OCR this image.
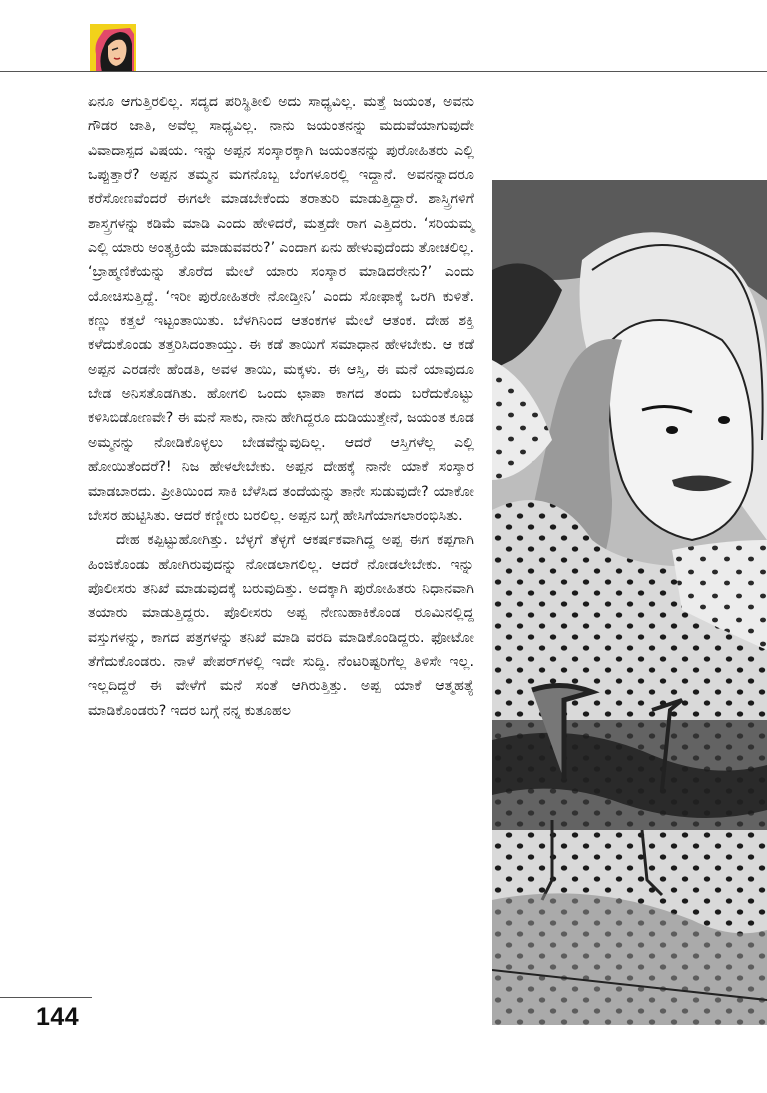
ಏನೂ ಆಗುತ್ತಿರಲಿಲ್ಲ. ಸದ್ಯದ ಪರಿಸ್ಥಿತೀಲಿ ಅದು ಸಾಧ್ಯವಿಲ್ಲ. ಮತ್ತೆ ಜಯಂತ, ಅವನು ಗೌಡರ ಜಾತಿ, ಅವೆಲ್ಲ ಸಾಧ್ಯವಿಲ್ಲ. ನಾನು ಜಯಂತನನ್ನು ಮದುವೆಯಾಗುವುದೇ ವಿವಾದಾಸ್ಪದ ವಿಷಯ. ಇನ್ನು ಅಪ್ಪನ ಸಂಸ್ಕಾರಕ್ಕಾಗಿ ಜಯಂತನನ್ನು ಪುರೋಹಿತರು ಎಲ್ಲಿ ಒಪ್ಪುತ್ತಾರೆ? ಅಪ್ಪನ ತಮ್ಮನ ಮಗನೊಬ್ಬ ಬೆಂಗಳೂರಲ್ಲಿ ಇದ್ದಾನೆ. ಅವನನ್ನಾದರೂ ಕರೆಸೋಣವೆಂದರೆ ಈಗಲೇ ಮಾಡಬೇಕೆಂದು ತರಾತುರಿ ಮಾಡುತ್ತಿದ್ದಾರೆ. ಶಾಸ್ತ್ರಿಗಳಿಗೆ ಶಾಸ್ತ್ರಗಳನ್ನು ಕಡಿಮೆ ಮಾಡಿ ಎಂದು ಹೇಳಿದರೆ, ಮತ್ತದೇ ರಾಗ ಎತ್ತಿದರು. ‘ಸರಿಯಮ್ಮ ಎಲ್ಲಿ ಯಾರು ಅಂತ್ಯಕ್ರಿಯೆ ಮಾಡುವವರು?’ ಎಂದಾಗ ಏನು ಹೇಳುವುದೆಂದು ತೋಚಲಿಲ್ಲ. ‘ಬ್ರಾಹ್ಮಣಿಕೆಯನ್ನು ತೊರೆದ ಮೇಲೆ ಯಾರು ಸಂಸ್ಕಾರ ಮಾಡಿದರೇನು?’ ಎಂದು ಯೋಚಿಸುತ್ತಿದ್ದೆ. ‘ಇರೀ ಪುರೋಹಿತರೇ ನೋಡ್ತೀನಿ’ ಎಂದು ಸೋಫಾಕ್ಕೆ ಒರಗಿ ಕುಳಿತೆ. ಕಣ್ಣು ಕತ್ತಲೆ ಇಟ್ಟಂತಾಯಿತು. ಬೆಳಗಿನಿಂದ ಆತಂಕಗಳ ಮೇಲೆ ಆತಂಕ. ದೇಹ ಶಕ್ತಿ ಕಳೆದುಕೊಂಡು ತತ್ತರಿಸಿದಂತಾಯ್ತು. ಈ ಕಡೆ ತಾಯಿಗೆ ಸಮಾಧಾನ ಹೇಳಬೇಕು. ಆ ಕಡೆ ಅಪ್ಪನ ಎರಡನೇ ಹೆಂಡತಿ, ಅವಳ ತಾಯಿ, ಮಕ್ಕಳು. ಈ ಆಸ್ತಿ, ಈ ಮನೆ ಯಾವುದೂ ಬೇಡ ಅನಿಸತೊಡಗಿತು. ಹೋಗಲಿ ಒಂದು ಛಾಪಾ ಕಾಗದ ತಂದು ಬರೆದುಕೊಟ್ಟು ಕಳಿಸಿಬಿಡೋಣವೇ? ಈ ಮನೆ ಸಾಕು, ನಾನು ಹೇಗಿದ್ದರೂ ದುಡಿಯುತ್ತೇನೆ, ಜಯಂತ ಕೂಡ ಅಮ್ಮನನ್ನು ನೋಡಿಕೊಳ್ಳಲು ಬೇಡವೆನ್ನುವುದಿಲ್ಲ. ಆದರೆ ಆಸ್ತಿಗಳೆಲ್ಲ ಎಲ್ಲಿ ಹೋಯಿತೆಂದರೆ?! ನಿಜ ಹೇಳಲೇಬೇಕು. ಅಪ್ಪನ ದೇಹಕ್ಕೆ ನಾನೇ ಯಾಕೆ ಸಂಸ್ಕಾರ ಮಾಡಬಾರದು. ಪ್ರೀತಿಯಿಂದ ಸಾಕಿ ಬೆಳೆಸಿದ ತಂದೆಯನ್ನು ತಾನೇ ಸುಡುವುದೇ? ಯಾಕೋ ಬೇಸರ ಹುಟ್ಟಿಸಿತು. ಆದರೆ ಕಣ್ಣೀರು ಬರಲಿಲ್ಲ. ಅಪ್ಪನ ಬಗ್ಗೆ ಹೇಸಿಗೆಯಾಗಲಾರಂಭಿಸಿತು.

ದೇಹ ಕಪ್ಪಿಟ್ಟುಹೋಗಿತ್ತು. ಬೆಳ್ಳಗೆ ತೆಳ್ಳಗೆ ಆಕರ್ಷಕವಾಗಿದ್ದ ಅಪ್ಪ ಈಗ ಕಪ್ಪಗಾಗಿ ಹಿಂಜಿಕೊಂಡು ಹೋಗಿರುವುದನ್ನು ನೋಡಲಾಗಲಿಲ್ಲ. ಆದರೆ ನೋಡಲೇಬೇಕು. ಇನ್ನು ಪೊಲೀಸರು ತನಿಖೆ ಮಾಡುವುದಕ್ಕೆ ಬರುವುದಿತ್ತು. ಅದಕ್ಕಾಗಿ ಪುರೋಹಿತರು ನಿಧಾನವಾಗಿ ತಯಾರು ಮಾಡುತ್ತಿದ್ದರು. ಪೊಲೀಸರು ಅಪ್ಪ ನೇಣುಹಾಕಿಕೊಂಡ ರೂಮಿನಲ್ಲಿದ್ದ ವಸ್ತುಗಳನ್ನು, ಕಾಗದ ಪತ್ರಗಳನ್ನು ತನಿಖೆ ಮಾಡಿ ವರದಿ ಮಾಡಿಕೊಂಡಿದ್ದರು. ಫೋಟೋ ತೆಗೆದುಕೊಂಡರು. ನಾಳೆ ಪೇಪರ್‌ಗಳಲ್ಲಿ ಇದೇ ಸುದ್ದಿ. ನೆಂಟರಿಷ್ಟರಿಗೆಲ್ಲ ತಿಳಿಸೇ ಇಲ್ಲ. ಇಲ್ಲದಿದ್ದರೆ ಈ ವೇಳೆಗೆ ಮನೆ ಸಂತೆ ಆಗಿರುತ್ತಿತ್ತು. ಅಪ್ಪ ಯಾಕೆ ಆತ್ಮಹತ್ಯೆ ಮಾಡಿಕೊಂಡರು? ಇದರ ಬಗ್ಗೆ ನನ್ನ ಕುತೂಹಲ

144
